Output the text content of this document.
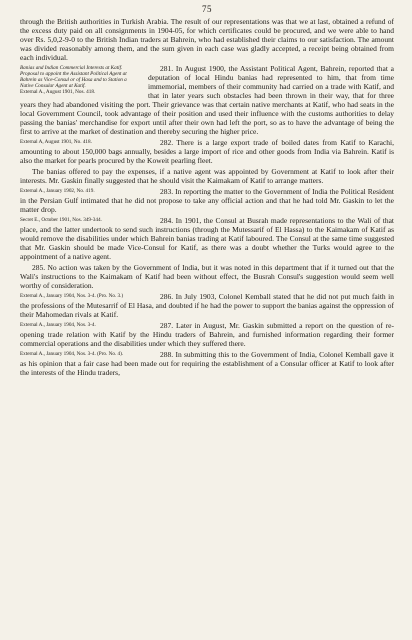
75

through the British authorities in Turkish Arabia. The result of our representations was that we at last, obtained a refund of the excess duty paid on all consignments in 1904-05, for which certificates could be procured, and we were able to hand over Rs. 5,0,2-9-0 to the British Indian traders at Bahrein, who had established their claims to our satisfaction. The amount was divided reasonably among them, and the sum given in each case was gladly accepted, a receipt being obtained from each individual.

Banias and Indian Commercial Interests at Katif. Proposal to appoint the Assistant Political Agent at Bahrein as Vice-Consul or of Hasa and to Station a Native Consular Agent at Katif.
External A., August 1901, Nos. 418.

281. In August 1900, the Assistant Political Agent, Bahrein, reported that a deputation of local Hindu banias had represented to him, that from time immemorial, members of their community had carried on a trade with Katif, and that in later years such obstacles had been thrown in their way, that for three years they had abandoned visiting the port. Their grievance was that certain native merchants at Katif, who had seats in the local Government Council, took advantage of their position and used their influence with the customs authorities to delay passing the banias' merchandise for export until after their own had left the port, so as to have the advantage of being the first to arrive at the market of destination and thereby securing the higher price.

External A, August 1901, No. 418.	282. There is a large export trade of boiled dates from Katif to Karachi, amounting to about 150,000 bags annually, besides a large import of rice and other goods from India via Bahrein. Katif is also the market for pearls procured by the Koweit pearling fleet.

The banias offered to pay the expenses, if a native agent was appointed by Government at Katif to look after their interests. Mr. Gaskin finally suggested that he should visit the Kaimakam of Katif to arrange matters.

External A., January 1902, No. 419.	283. In reporting the matter to the Government of India the Political Resident in the Persian Gulf intimated that he did not propose to take any official action and that he had told Mr. Gaskin to let the matter drop.

Secret E., October 1901, Nos. 349-344.	284. In 1901, the Consul at Busrah made representations to the Wali of that place, and the latter undertook to send such instructions (through the Mutessarif of El Hassa) to the Kaimakam of Katif as would remove the disabilities under which Bahrein banias trading at Katif laboured. The Consul at the same time suggested that Mr. Gaskin should be made Vice-Consul for Katif, as there was a doubt whether the Turks would agree to the appointment of a native agent.

285. No action was taken by the Government of India, but it was noted in this department that if it turned out that the Wali's instructions to the Kaimakam of Katif had been without effect, the Busrah Consul's suggestion would seem well worthy of consideration.

External A., January 1904, Nos. 3-4. (Pro. No. 3.)	286. In July 1903, Colonel Kemball stated that he did not put much faith in the professions of the Mutesarrif of El Hasa, and doubted if he had the power to support the banias against the oppression of their Mahomedan rivals at Katif.

External A., January 1904, Nos. 3-4.	287. Later in August, Mr. Gaskin submitted a report on the question of re-opening trade relation with Katif by the Hindu traders of Bahrein, and furnished information regarding their former commercial operations and the disabilities under which they suffered there.

External A., January 1904, Nos. 3-4. (Pro. No. 4).	288. In submitting this to the Government of India, Colonel Kemball gave it as his opinion that a fair case had been made out for requiring the establishment of a Consular officer at Katif to look after the interests of the Hindu traders,
